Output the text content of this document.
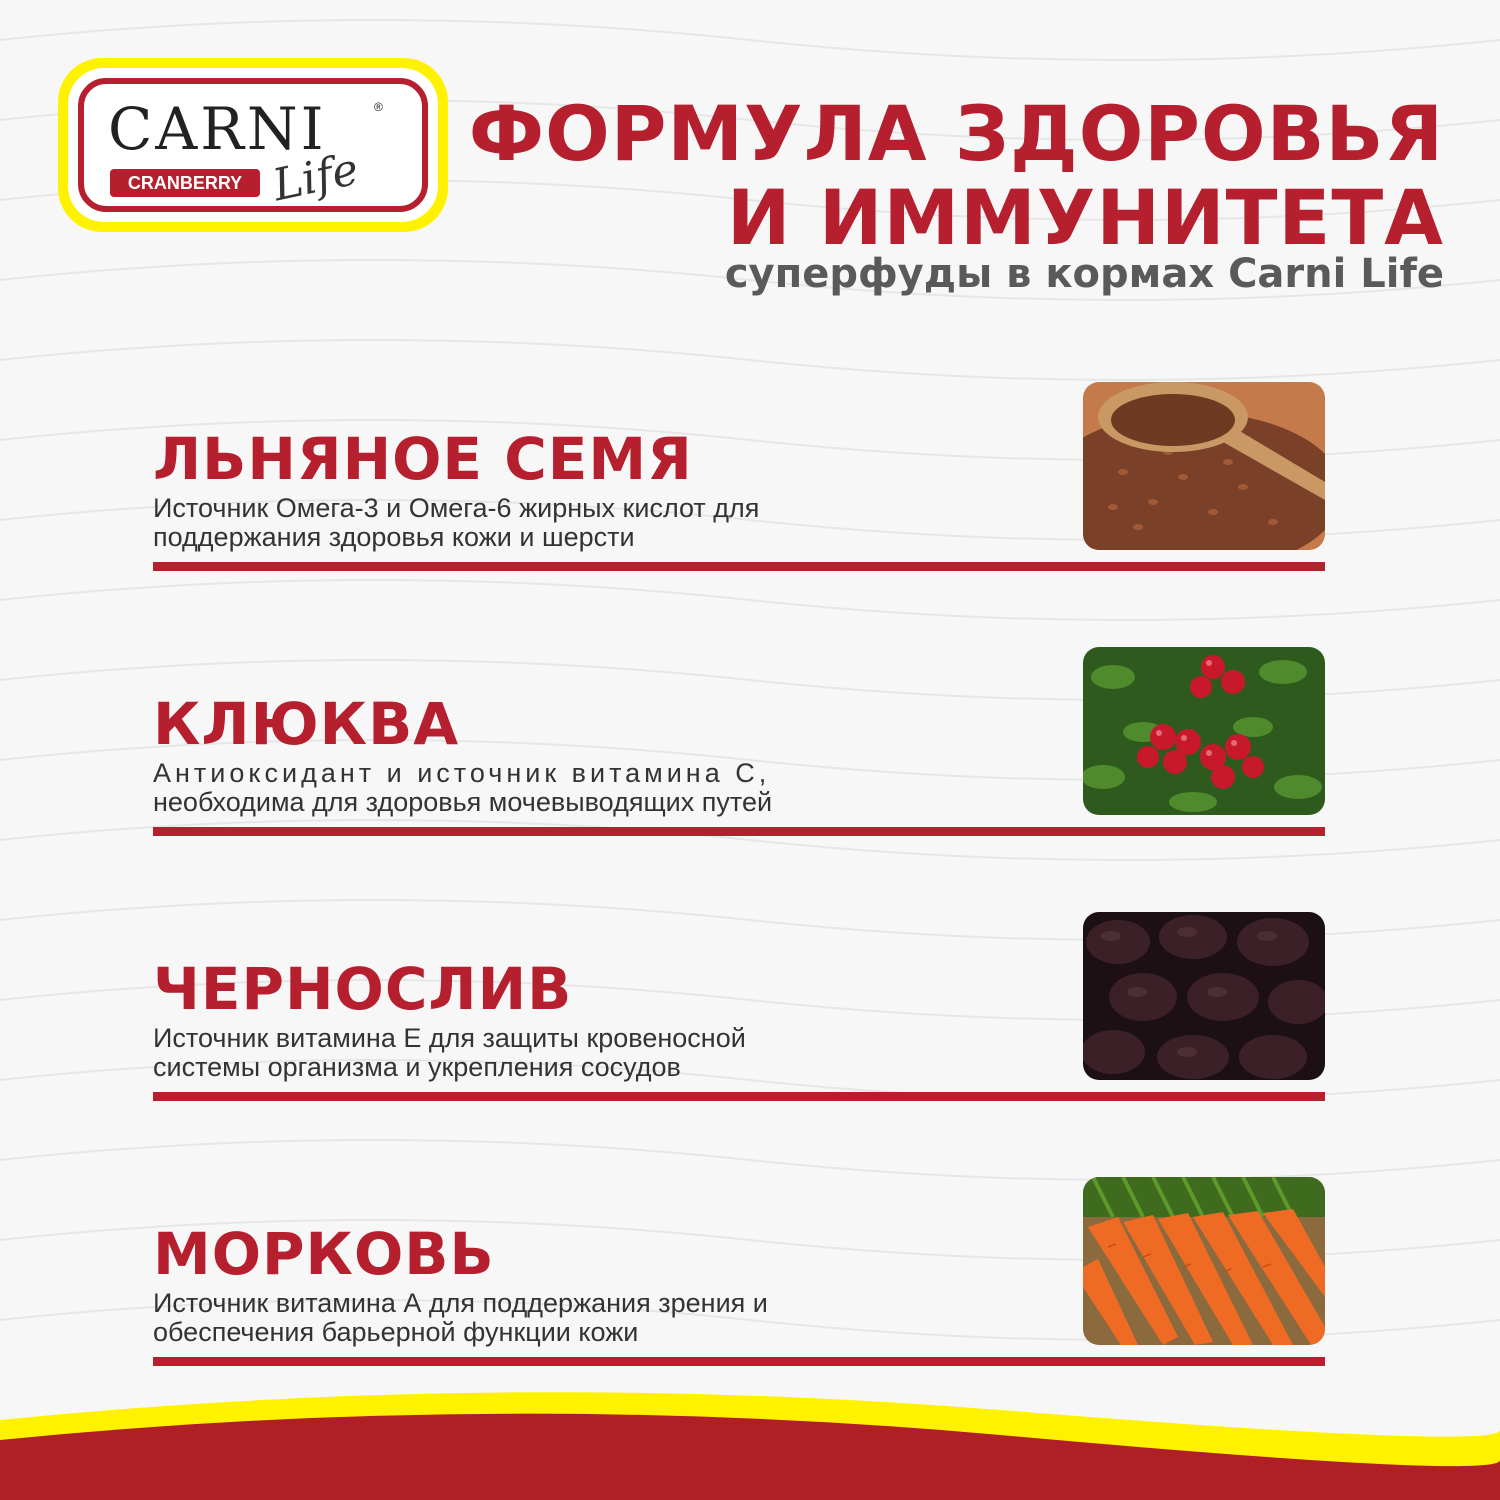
CARNI	®
CRANBERRY Life	ФОРМУЛА ЗДОРОВЬЯ
И ИММУНИТЕТА
суперфуды в кормах Carni Life
ЛЬНЯНОЕ СЕМЯ
Источник Омега-3 и Омега-6 жирных кислот для
поддержания здоровья кожи и шерсти
КЛЮКВА
Антиоксидант и источник витамина С,
необходима для здоровья мочевыводящих путей
ЧЕРНОСЛИВ
Источник витамина Е для защиты кровеносной
системы организма и укрепления сосудов
МОРКОВЬ
Источник витамина А для поддержания зрения и
обеспечения барьерной функции кожи
